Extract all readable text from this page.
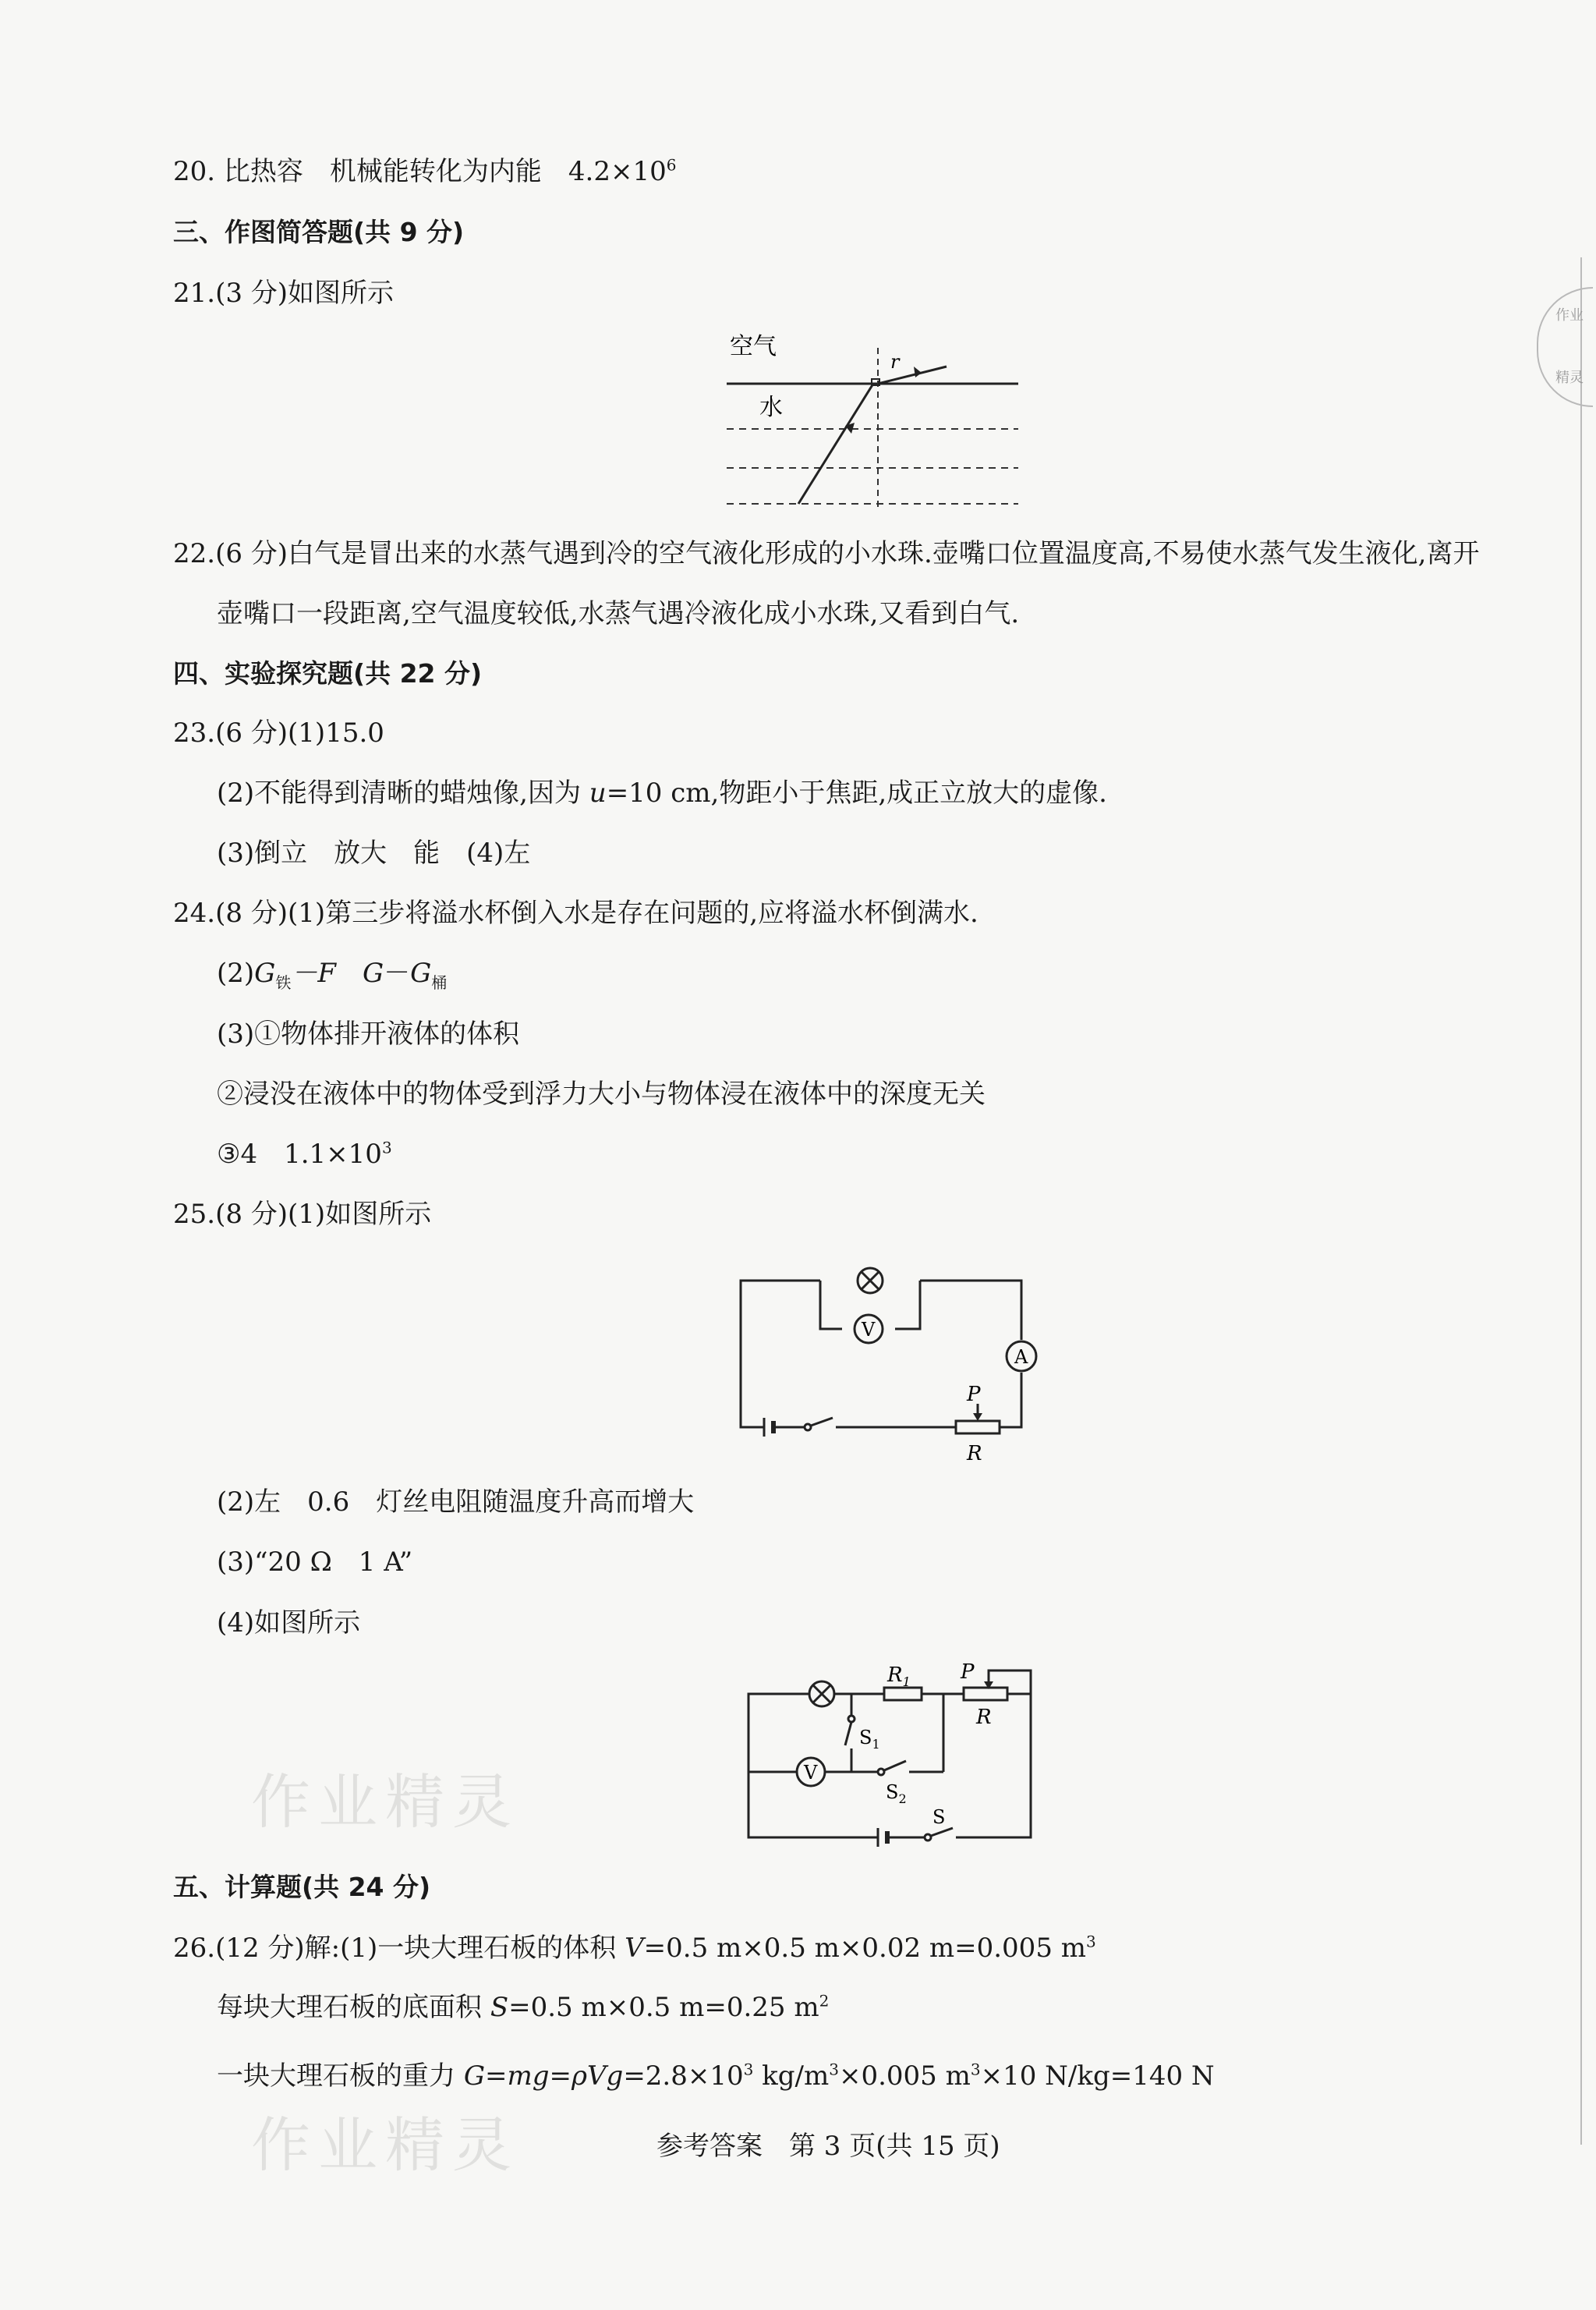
作业
精灵
20. 比热容　机械能转化为内能　$4.2\times 10^6$
三、作图简答题(共 9 分)
21.(3 分)如图所示
空气
水
r
22.(6 分)白气是冒出来的水蒸气遇到冷的空气液化形成的小水珠.壶嘴口位置温度高,不易使水蒸气发生液化,离开
壶嘴口一段距离,空气温度较低,水蒸气遇冷液化成小水珠,又看到白气.
四、实验探究题(共 22 分)
23.(6 分)(1)15.0
(2)不能得到清晰的蜡烛像,因为 u=10 cm,物距小于焦距,成正立放大的虚像.
(3)倒立　放大　能　(4)左
24.(8 分)(1)第三步将溢水杯倒入水是存在问题的,应将溢水杯倒满水.
$(2)G_铁-F$  $G-G_桶$
(3)①物体排开液体的体积
②浸没在液体中的物体受到浮力大小与物体浸在液体中的深度无关
③4　$1.1\times 10^3$
25.(8 分)(1)如图所示
V
A
P
R
(2)左　0.6　灯丝电阻随温度升高而增大
(3)“20 Ω　1 A”
(4)如图所示
V
$R_1$ P
R
$S_1$
$S_2$
S
作业精灵
五、计算题(共 24 分)
26.(12 分)解:(1)一块大理石板的体积 V=0.5 m×0.5 m×0.02 m=0.005 $m^3$
每块大理石板的底面积 S=0.5 m×0.5 m=0.25 $m^2$
一块大理石板的重力 $G=mg=\rho Vg=2.8\times 10^3$ $kg/m^3\times 0.005$ $m^3\times 10$ N/kg=140 N
作业精灵	参考答案　第 3 页(共 15 页)
